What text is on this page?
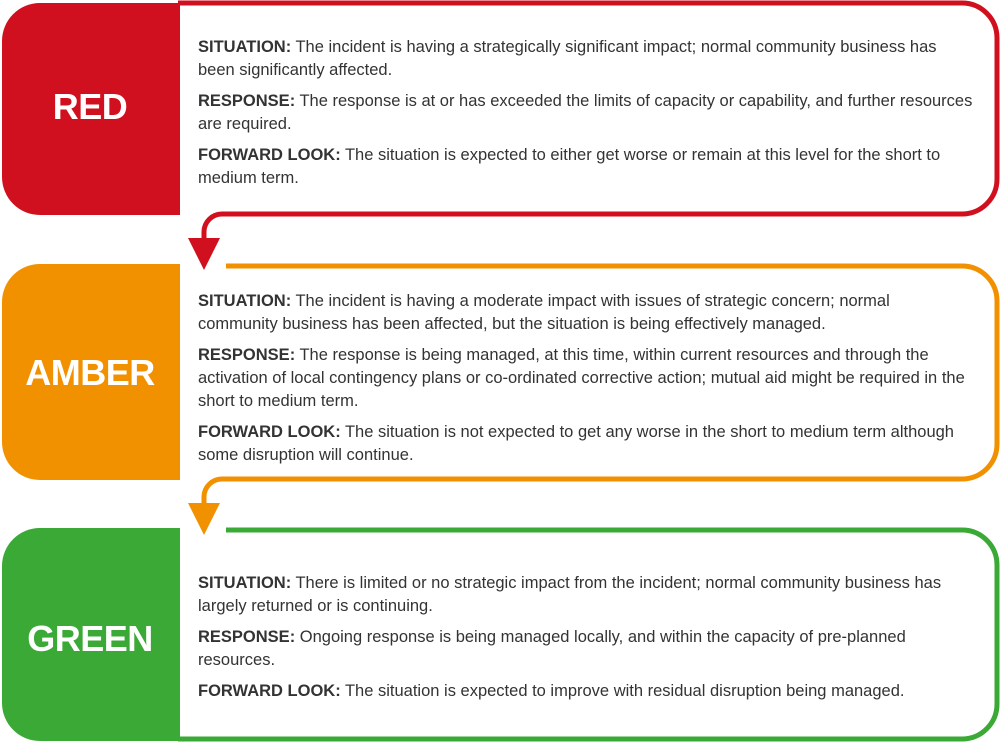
RED

SITUATION: The incident is having a strategically significant impact; normal community business has been significantly affected.

RESPONSE: The response is at or has exceeded the limits of capacity or capability, and further resources are required.

FORWARD LOOK: The situation is expected to either get worse or remain at this level for the short to medium term.

AMBER

SITUATION: The incident is having a moderate impact with issues of strategic concern; normal community business has been affected, but the situation is being effectively managed.

RESPONSE: The response is being managed, at this time, within current resources and through the activation of local contingency plans or co-ordinated corrective action; mutual aid might be required in the short to medium term.

FORWARD LOOK: The situation is not expected to get any worse in the short to medium term although some disruption will continue.

GREEN

SITUATION: There is limited or no strategic impact from the incident; normal community business has largely returned or is continuing.

RESPONSE: Ongoing response is being managed locally, and within the capacity of pre-planned resources.

FORWARD LOOK: The situation is expected to improve with residual disruption being managed.
